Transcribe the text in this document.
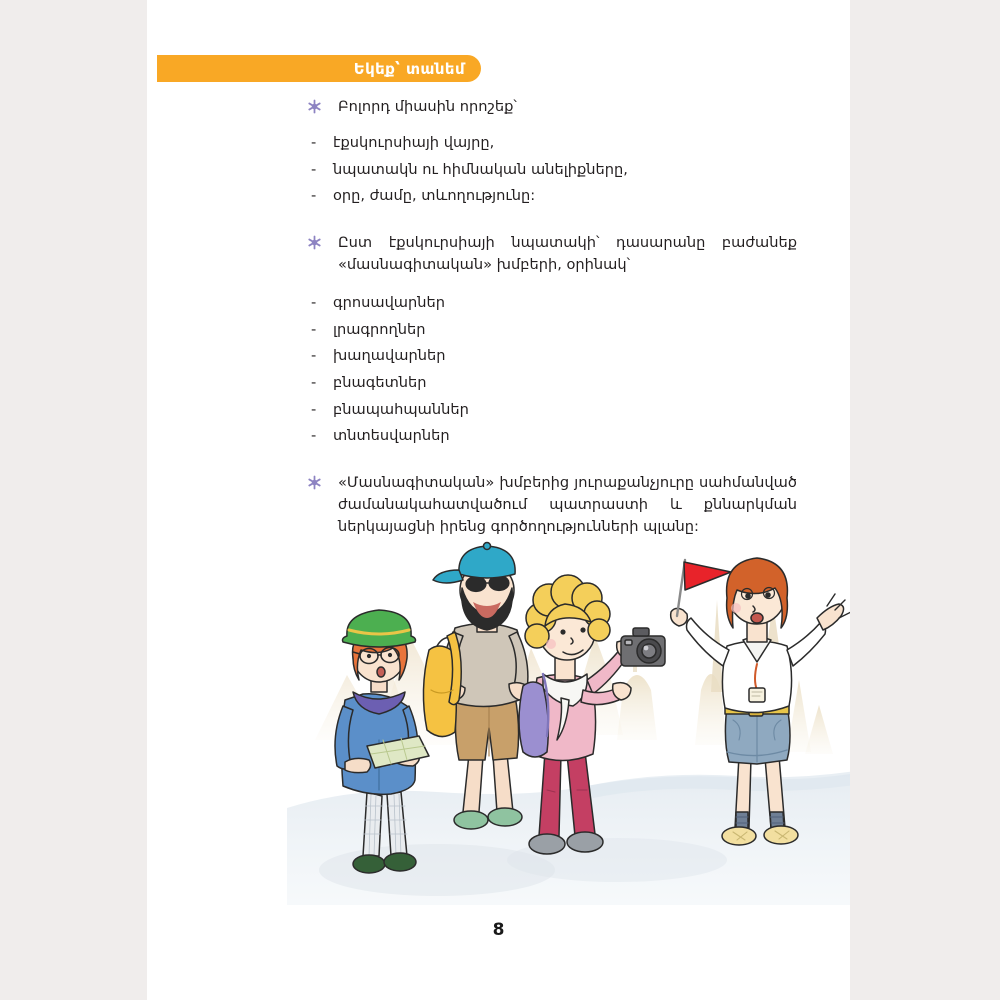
Եկեք՝ տանեմ
Բոլորդ միասին որոշեք՝
- էքսկուրսիայի վայրը,
- նպատակն ու հիմնական անելիքները,
- օրը, ժամը, տևողությունը:
Ըստ էքսկուրսիայի նպատակի՝ դասարանը բաժանեք «մասնագիտական» խմբերի, օրինակ՝
- գրոսավարներ
- լրագրողներ
- խաղավարներ
- բնագետներ
- բնապահպաններ
- տնտեսվարներ
«Մասնագիտական» խմբերից յուրաքանչյուրը սահմանված ժամանակահատվածում պատրաստի և քննարկման ներկայացնի իրենց գործողությունների պլանը:
8
